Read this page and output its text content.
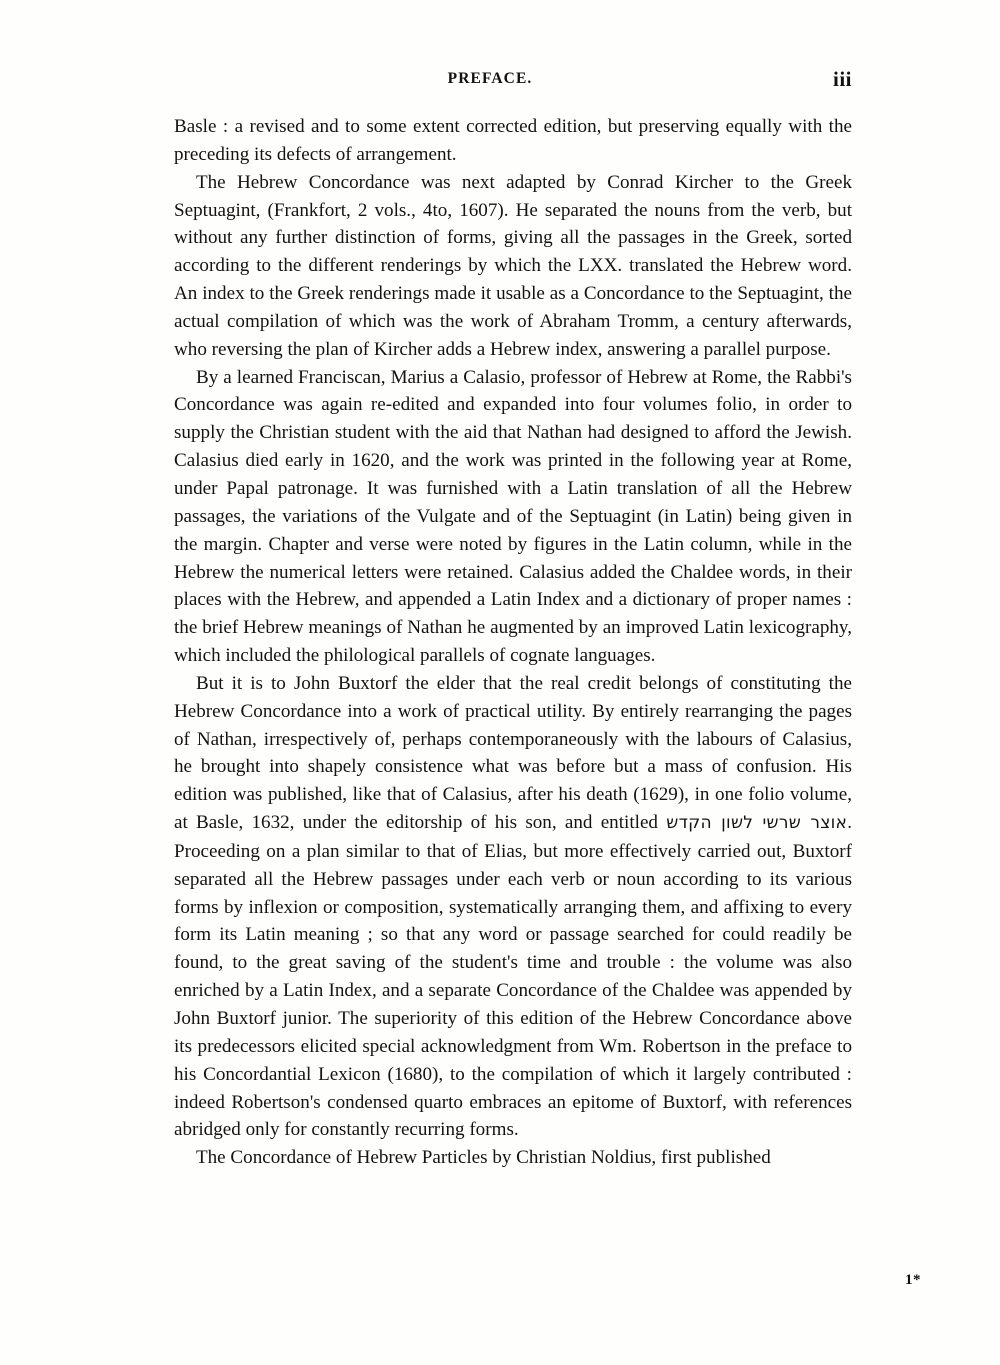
PREFACE.	iii

Basle : a revised and to some extent corrected edition, but preserving equally with the preceding its defects of arrangement.

The Hebrew Concordance was next adapted by Conrad Kircher to the Greek Septuagint, (Frankfort, 2 vols., 4to, 1607). He separated the nouns from the verb, but without any further distinction of forms, giving all the passages in the Greek, sorted according to the different renderings by which the LXX. translated the Hebrew word. An index to the Greek renderings made it usable as a Concordance to the Septuagint, the actual compilation of which was the work of Abraham Tromm, a century afterwards, who reversing the plan of Kircher adds a Hebrew index, answering a parallel purpose.

By a learned Franciscan, Marius a Calasio, professor of Hebrew at Rome, the Rabbi's Concordance was again re-edited and expanded into four volumes folio, in order to supply the Christian student with the aid that Nathan had designed to afford the Jewish. Calasius died early in 1620, and the work was printed in the following year at Rome, under Papal patronage. It was furnished with a Latin translation of all the Hebrew passages, the variations of the Vulgate and of the Septuagint (in Latin) being given in the margin. Chapter and verse were noted by figures in the Latin column, while in the Hebrew the numerical letters were retained. Calasius added the Chaldee words, in their places with the Hebrew, and appended a Latin Index and a dictionary of proper names : the brief Hebrew meanings of Nathan he augmented by an improved Latin lexicography, which included the philological parallels of cognate languages.

But it is to John Buxtorf the elder that the real credit belongs of constituting the Hebrew Concordance into a work of practical utility. By entirely rearranging the pages of Nathan, irrespectively of, perhaps contemporaneously with the labours of Calasius, he brought into shapely consistence what was before but a mass of confusion. His edition was published, like that of Calasius, after his death (1629), in one folio volume, at Basle, 1632, under the editorship of his son, and entitled אוצר שרשי לשון הקדש. Proceeding on a plan similar to that of Elias, but more effectively carried out, Buxtorf separated all the Hebrew passages under each verb or noun according to its various forms by inflexion or composition, systematically arranging them, and affixing to every form its Latin meaning ; so that any word or passage searched for could readily be found, to the great saving of the student's time and trouble : the volume was also enriched by a Latin Index, and a separate Concordance of the Chaldee was appended by John Buxtorf junior. The superiority of this edition of the Hebrew Concordance above its predecessors elicited special acknowledgment from Wm. Robertson in the preface to his Concordantial Lexicon (1680), to the compilation of which it largely contributed : indeed Robertson's condensed quarto embraces an epitome of Buxtorf, with references abridged only for constantly recurring forms.

The Concordance of Hebrew Particles by Christian Noldius, first published

1*
